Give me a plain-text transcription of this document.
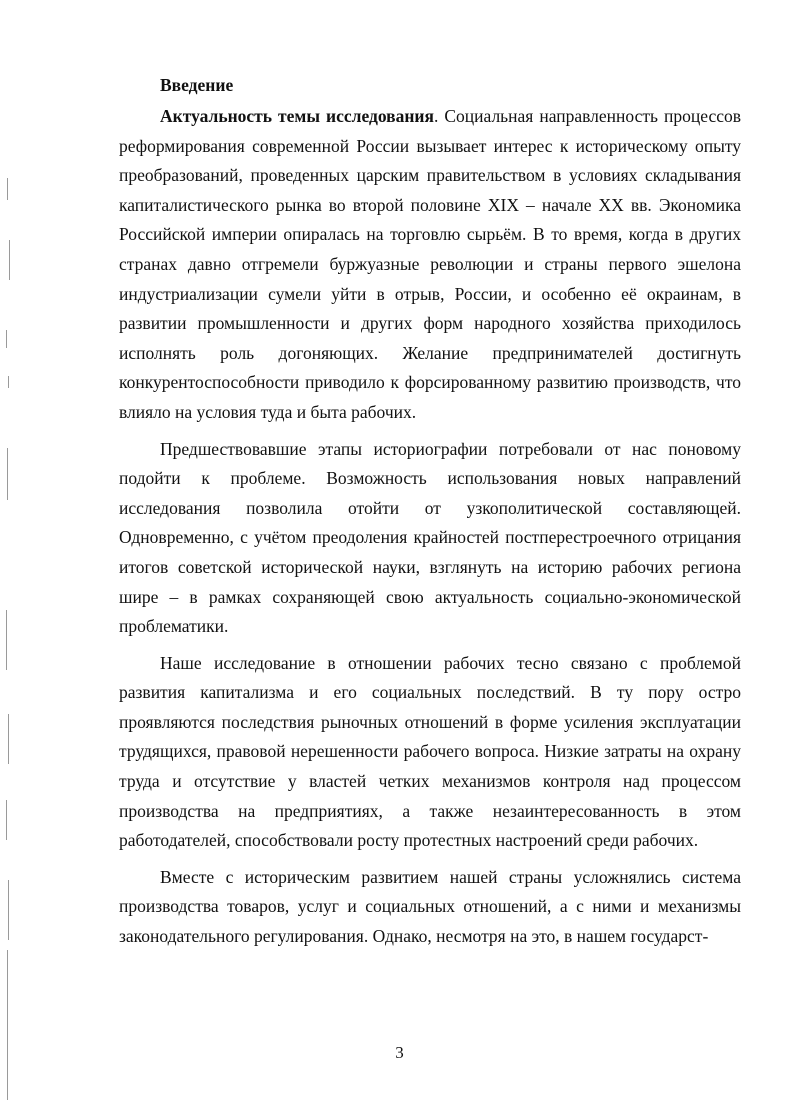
Введение

Актуальность темы исследования. Социальная направленность процессов реформирования современной России вызывает интерес к историческому опыту преобразований, проведенных царским правительством в условиях складывания капиталистического рынка во второй половине XIX – начале XX вв. Экономика Российской империи опиралась на торговлю сырьём. В то время, когда в других странах давно отгремели буржуазные революции и страны первого эшелона индустриализации сумели уйти в отрыв, России, и особенно её окраинам, в развитии промышленности и других форм народного хозяйства приходилось исполнять роль догоняющих. Желание предпринимателей достигнуть конкурентоспособности приводило к форсированному развитию производств, что влияло на условия туда и быта рабочих.

Предшествовавшие этапы историографии потребовали от нас поновому подойти к проблеме. Возможность использования новых направлений исследования позволила отойти от узкополитической составляющей. Одновременно, с учётом преодоления крайностей постперестроечного отрицания итогов советской исторической науки, взглянуть на историю рабочих региона шире – в рамках сохраняющей свою актуальность социально-экономической проблематики.

Наше исследование в отношении рабочих тесно связано с проблемой развития капитализма и его социальных последствий. В ту пору остро проявляются последствия рыночных отношений в форме усиления эксплуатации трудящихся, правовой нерешенности рабочего вопроса. Низкие затраты на охрану труда и отсутствие у властей четких механизмов контроля над процессом производства на предприятиях, а также незаинтересованность в этом работодателей, способствовали росту протестных настроений среди рабочих.

Вместе с историческим развитием нашей страны усложнялись система производства товаров, услуг и социальных отношений, а с ними и механизмы законодательного регулирования. Однако, несмотря на это, в нашем государст-

3
